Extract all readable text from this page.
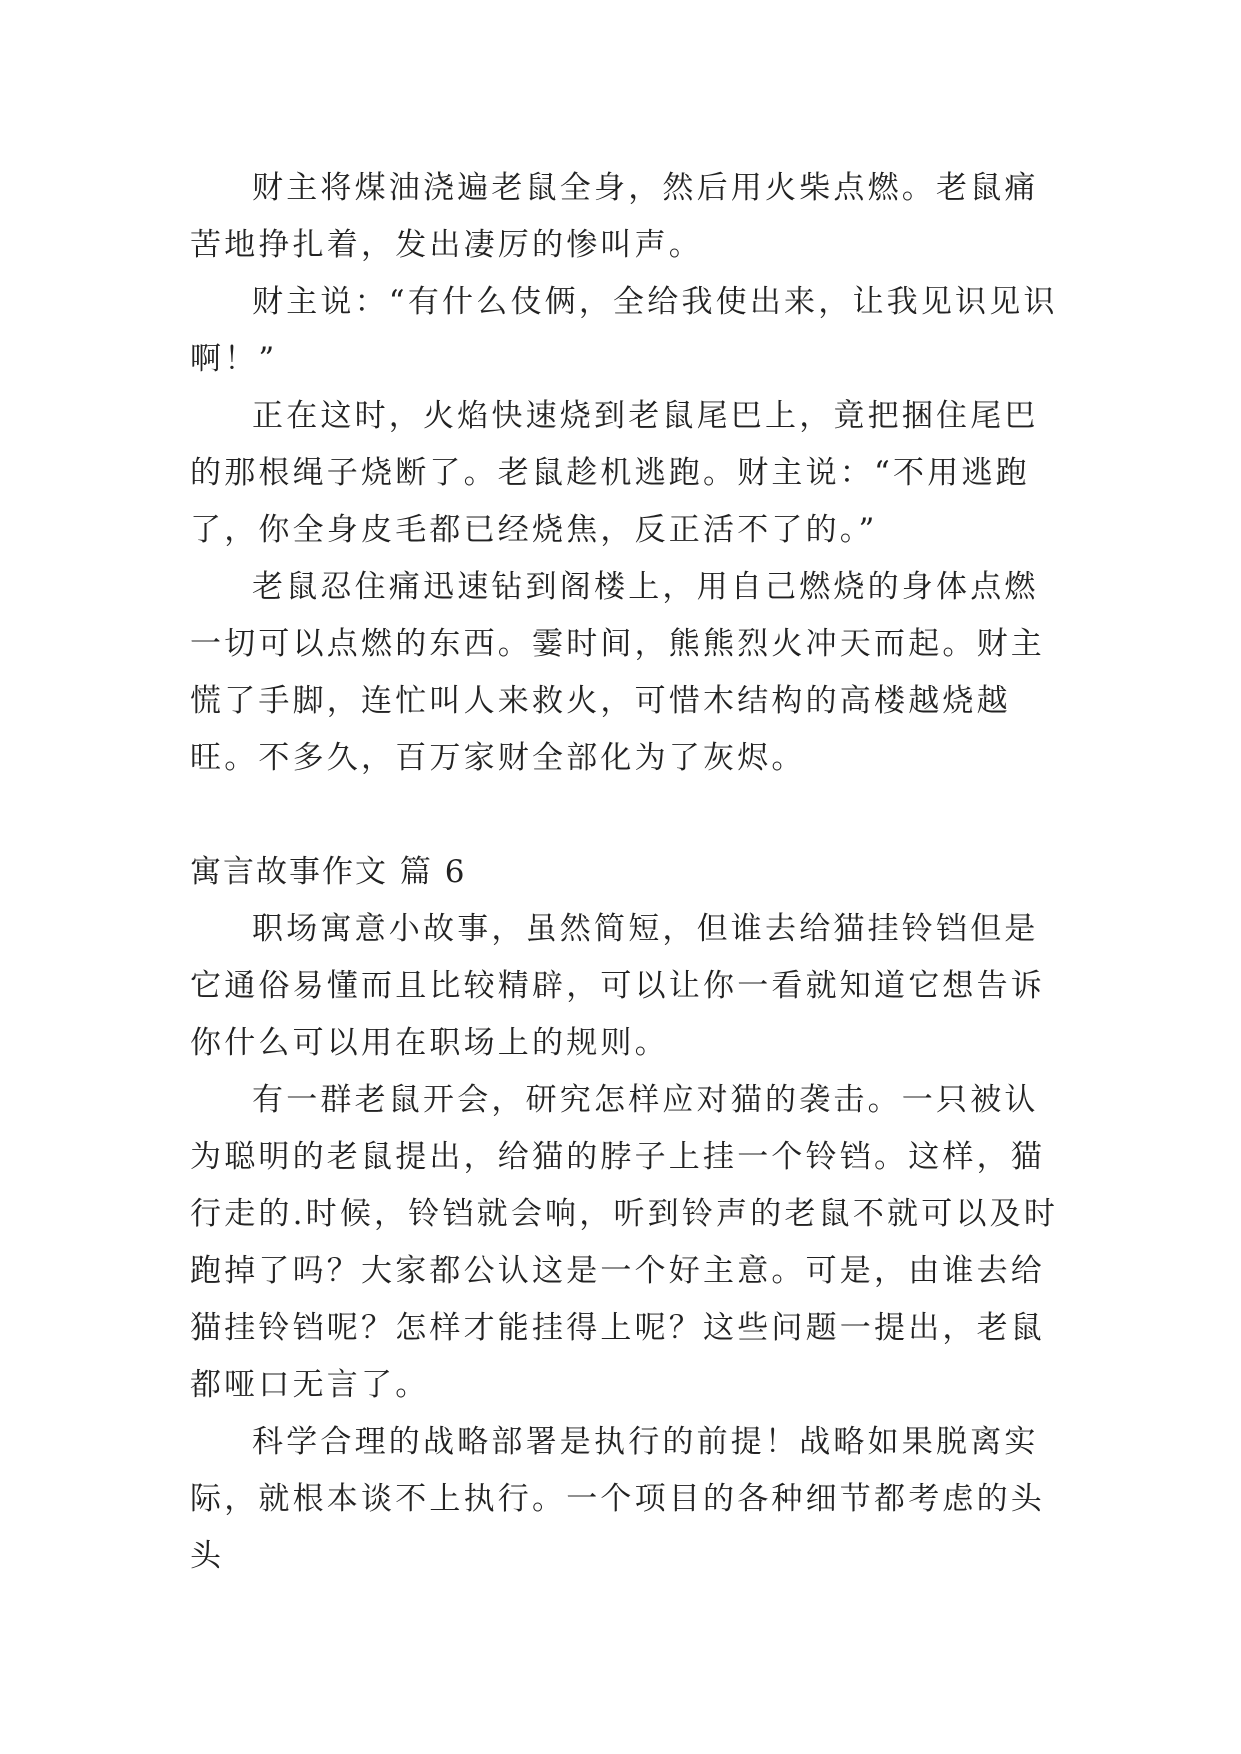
财主将煤油浇遍老鼠全身，然后用火柴点燃。老鼠痛苦地挣扎着，发出凄厉的惨叫声。

财主说：“有什么伎俩，全给我使出来，让我见识见识啊！”

正在这时，火焰快速烧到老鼠尾巴上，竟把捆住尾巴的那根绳子烧断了。老鼠趁机逃跑。财主说：“不用逃跑了，你全身皮毛都已经烧焦，反正活不了的。”

老鼠忍住痛迅速钻到阁楼上，用自己燃烧的身体点燃一切可以点燃的东西。霎时间，熊熊烈火冲天而起。财主慌了手脚，连忙叫人来救火，可惜木结构的高楼越烧越旺。不多久，百万家财全部化为了灰烬。

寓言故事作文 篇 6

职场寓意小故事，虽然简短，但谁去给猫挂铃铛但是它通俗易懂而且比较精辟，可以让你一看就知道它想告诉你什么可以用在职场上的规则。

有一群老鼠开会，研究怎样应对猫的袭击。一只被认为聪明的老鼠提出，给猫的脖子上挂一个铃铛。这样，猫行走的.时候，铃铛就会响，听到铃声的老鼠不就可以及时跑掉了吗？大家都公认这是一个好主意。可是，由谁去给猫挂铃铛呢？怎样才能挂得上呢？这些问题一提出，老鼠都哑口无言了。

科学合理的战略部署是执行的前提！战略如果脱离实际，就根本谈不上执行。一个项目的各种细节都考虑的头头
